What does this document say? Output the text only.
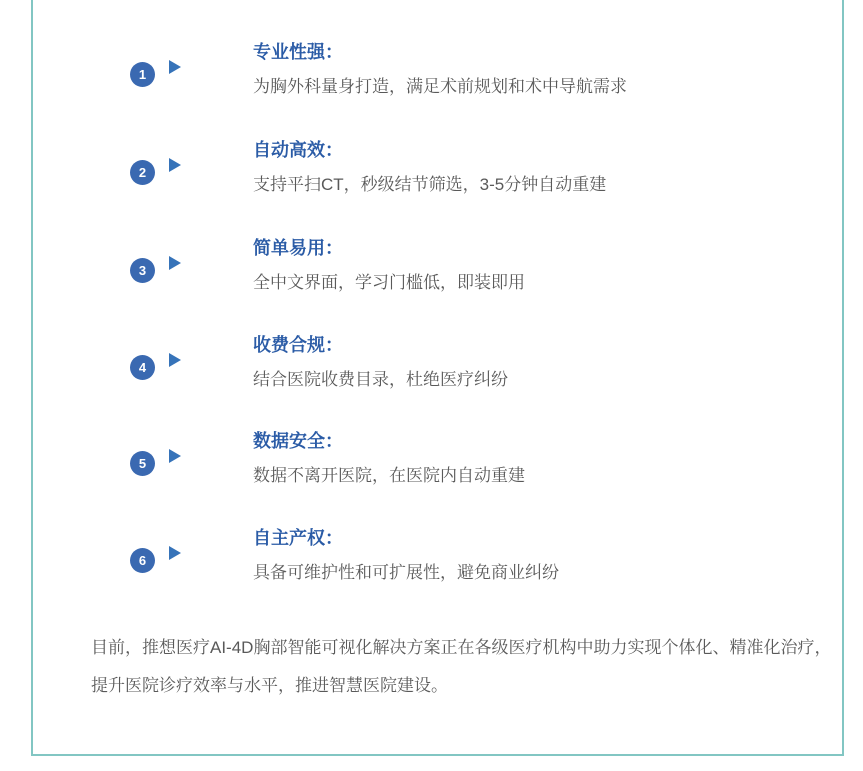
1
专业性强：
为胸外科量身打造，满足术前规划和术中导航需求
2
自动高效：
支持平扫CT，秒级结节筛选，3-5分钟自动重建
3
简单易用：
全中文界面，学习门槛低，即装即用
4
收费合规：
结合医院收费目录，杜绝医疗纠纷
5
数据安全：
数据不离开医院，在医院内自动重建
6
自主产权：
具备可维护性和可扩展性，避免商业纠纷
目前，推想医疗AI-4D胸部智能可视化解决方案正在各级医疗机构中助力实现个体化、精准化治疗，提升医院诊疗效率与水平，推进智慧医院建设。
